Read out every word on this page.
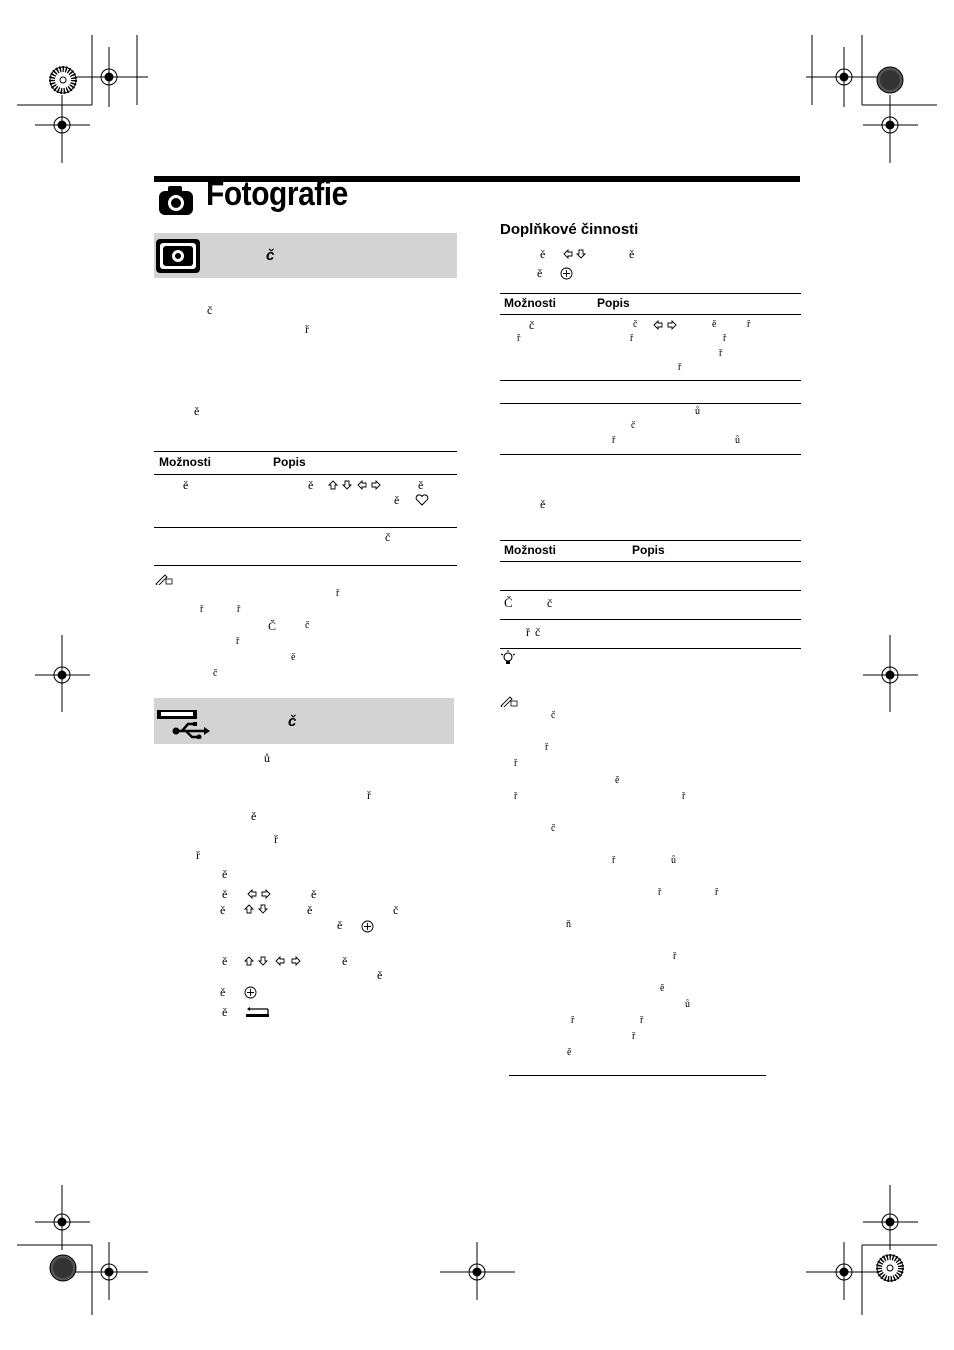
Fotografie
č
č
ř
ě
Možnosti	Popis
ě	ě	ě
ě
č
ř
ř	ř
Č	č
ř
ě
č
č
ů
ř
ě
ř
ř
ě
ě	ě
ě	ě	č
ě
ě	ě
ě
ě
ě
Doplňkové činnosti
ě	ě
ě
Možnosti	Popis
č	č	ě	ř
ř	ř	ř
ř
ř
ů
č
ř	ů
ě
Možnosti	Popis
Č	č
ř č
č
ř
ř
ě
ř	ř
č
ř	ů
ř	ř
ň
ř
ě
ů
ř	ř
ř
ě
